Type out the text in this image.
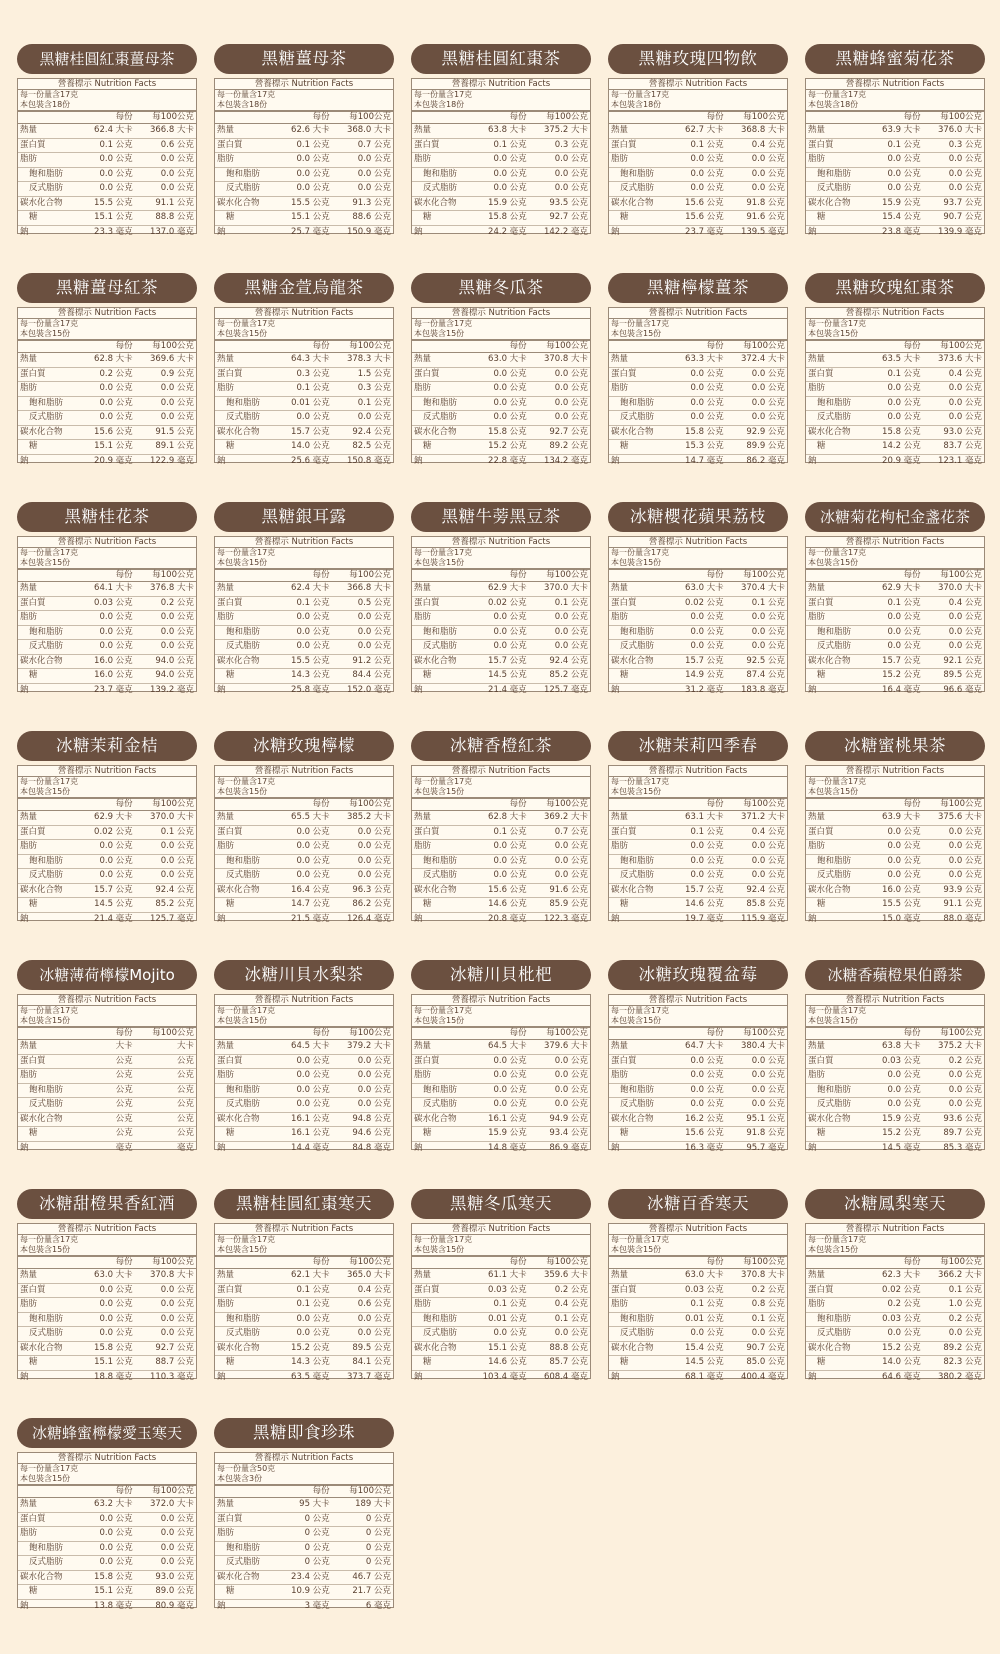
黑糖桂圓紅棗薑母茶
營養標示 Nutrition Facts
每一份量含17克
本包裝含18份
每份	每100公克
熱量	62.4 大卡	366.8 大卡
蛋白質	0.1 公克	0.6 公克
脂肪	0.0 公克	0.0 公克
飽和脂肪	0.0 公克	0.0 公克
反式脂肪	0.0 公克	0.0 公克
碳水化合物	15.5 公克	91.1 公克
糖	15.1 公克	88.8 公克
鈉	23.3 毫克	137.0 毫克
黑糖薑母茶
營養標示 Nutrition Facts
每一份量含17克
本包裝含18份
每份	每100公克
熱量	62.6 大卡	368.0 大卡
蛋白質	0.1 公克	0.7 公克
脂肪	0.0 公克	0.0 公克
飽和脂肪	0.0 公克	0.0 公克
反式脂肪	0.0 公克	0.0 公克
碳水化合物	15.5 公克	91.3 公克
糖	15.1 公克	88.6 公克
鈉	25.7 毫克	150.9 毫克
黑糖桂圓紅棗茶
營養標示 Nutrition Facts
每一份量含17克
本包裝含18份
每份	每100公克
熱量	63.8 大卡	375.2 大卡
蛋白質	0.1 公克	0.3 公克
脂肪	0.0 公克	0.0 公克
飽和脂肪	0.0 公克	0.0 公克
反式脂肪	0.0 公克	0.0 公克
碳水化合物	15.9 公克	93.5 公克
糖	15.8 公克	92.7 公克
鈉	24.2 毫克	142.2 毫克
黑糖玫瑰四物飲
營養標示 Nutrition Facts
每一份量含17克
本包裝含18份
每份	每100公克
熱量	62.7 大卡	368.8 大卡
蛋白質	0.1 公克	0.4 公克
脂肪	0.0 公克	0.0 公克
飽和脂肪	0.0 公克	0.0 公克
反式脂肪	0.0 公克	0.0 公克
碳水化合物	15.6 公克	91.8 公克
糖	15.6 公克	91.6 公克
鈉	23.7 毫克	139.5 毫克
黑糖蜂蜜菊花茶
營養標示 Nutrition Facts
每一份量含17克
本包裝含18份
每份	每100公克
熱量	63.9 大卡	376.0 大卡
蛋白質	0.1 公克	0.3 公克
脂肪	0.0 公克	0.0 公克
飽和脂肪	0.0 公克	0.0 公克
反式脂肪	0.0 公克	0.0 公克
碳水化合物	15.9 公克	93.7 公克
糖	15.4 公克	90.7 公克
鈉	23.8 毫克	139.9 毫克
黑糖薑母紅茶
營養標示 Nutrition Facts
每一份量含17克
本包裝含15份
每份	每100公克
熱量	62.8 大卡	369.6 大卡
蛋白質	0.2 公克	0.9 公克
脂肪	0.0 公克	0.0 公克
飽和脂肪	0.0 公克	0.0 公克
反式脂肪	0.0 公克	0.0 公克
碳水化合物	15.6 公克	91.5 公克
糖	15.1 公克	89.1 公克
鈉	20.9 毫克	122.9 毫克
黑糖金萱烏龍茶
營養標示 Nutrition Facts
每一份量含17克
本包裝含15份
每份	每100公克
熱量	64.3 大卡	378.3 大卡
蛋白質	0.3 公克	1.5 公克
脂肪	0.1 公克	0.3 公克
飽和脂肪	0.01 公克	0.1 公克
反式脂肪	0.0 公克	0.0 公克
碳水化合物	15.7 公克	92.4 公克
糖	14.0 公克	82.5 公克
鈉	25.6 毫克	150.8 毫克
黑糖冬瓜茶
營養標示 Nutrition Facts
每一份量含17克
本包裝含15份
每份	每100公克
熱量	63.0 大卡	370.8 大卡
蛋白質	0.0 公克	0.0 公克
脂肪	0.0 公克	0.0 公克
飽和脂肪	0.0 公克	0.0 公克
反式脂肪	0.0 公克	0.0 公克
碳水化合物	15.8 公克	92.7 公克
糖	15.2 公克	89.2 公克
鈉	22.8 毫克	134.2 毫克
黑糖檸檬薑茶
營養標示 Nutrition Facts
每一份量含17克
本包裝含15份
每份	每100公克
熱量	63.3 大卡	372.4 大卡
蛋白質	0.0 公克	0.0 公克
脂肪	0.0 公克	0.0 公克
飽和脂肪	0.0 公克	0.0 公克
反式脂肪	0.0 公克	0.0 公克
碳水化合物	15.8 公克	92.9 公克
糖	15.3 公克	89.9 公克
鈉	14.7 毫克	86.2 毫克
黑糖玫瑰紅棗茶
營養標示 Nutrition Facts
每一份量含17克
本包裝含15份
每份	每100公克
熱量	63.5 大卡	373.6 大卡
蛋白質	0.1 公克	0.4 公克
脂肪	0.0 公克	0.0 公克
飽和脂肪	0.0 公克	0.0 公克
反式脂肪	0.0 公克	0.0 公克
碳水化合物	15.8 公克	93.0 公克
糖	14.2 公克	83.7 公克
鈉	20.9 毫克	123.1 毫克
黑糖桂花茶
營養標示 Nutrition Facts
每一份量含17克
本包裝含15份
每份	每100公克
熱量	64.1 大卡	376.8 大卡
蛋白質	0.03 公克	0.2 公克
脂肪	0.0 公克	0.0 公克
飽和脂肪	0.0 公克	0.0 公克
反式脂肪	0.0 公克	0.0 公克
碳水化合物	16.0 公克	94.0 公克
糖	16.0 公克	94.0 公克
鈉	23.7 毫克	139.2 毫克
黑糖銀耳露
營養標示 Nutrition Facts
每一份量含17克
本包裝含15份
每份	每100公克
熱量	62.4 大卡	366.8 大卡
蛋白質	0.1 公克	0.5 公克
脂肪	0.0 公克	0.0 公克
飽和脂肪	0.0 公克	0.0 公克
反式脂肪	0.0 公克	0.0 公克
碳水化合物	15.5 公克	91.2 公克
糖	14.3 公克	84.4 公克
鈉	25.8 毫克	152.0 毫克
黑糖牛蒡黑豆茶
營養標示 Nutrition Facts
每一份量含17克
本包裝含15份
每份	每100公克
熱量	62.9 大卡	370.0 大卡
蛋白質	0.02 公克	0.1 公克
脂肪	0.0 公克	0.0 公克
飽和脂肪	0.0 公克	0.0 公克
反式脂肪	0.0 公克	0.0 公克
碳水化合物	15.7 公克	92.4 公克
糖	14.5 公克	85.2 公克
鈉	21.4 毫克	125.7 毫克
冰糖櫻花蘋果荔枝
營養標示 Nutrition Facts
每一份量含17克
本包裝含15份
每份	每100公克
熱量	63.0 大卡	370.4 大卡
蛋白質	0.02 公克	0.1 公克
脂肪	0.0 公克	0.0 公克
飽和脂肪	0.0 公克	0.0 公克
反式脂肪	0.0 公克	0.0 公克
碳水化合物	15.7 公克	92.5 公克
糖	14.9 公克	87.4 公克
鈉	31.2 毫克	183.8 毫克
冰糖菊花枸杞金盞花茶
營養標示 Nutrition Facts
每一份量含17克
本包裝含15份
每份	每100公克
熱量	62.9 大卡	370.0 大卡
蛋白質	0.1 公克	0.4 公克
脂肪	0.0 公克	0.0 公克
飽和脂肪	0.0 公克	0.0 公克
反式脂肪	0.0 公克	0.0 公克
碳水化合物	15.7 公克	92.1 公克
糖	15.2 公克	89.5 公克
鈉	16.4 毫克	96.6 毫克
冰糖茉莉金桔
營養標示 Nutrition Facts
每一份量含17克
本包裝含15份
每份	每100公克
熱量	62.9 大卡	370.0 大卡
蛋白質	0.02 公克	0.1 公克
脂肪	0.0 公克	0.0 公克
飽和脂肪	0.0 公克	0.0 公克
反式脂肪	0.0 公克	0.0 公克
碳水化合物	15.7 公克	92.4 公克
糖	14.5 公克	85.2 公克
鈉	21.4 毫克	125.7 毫克
冰糖玫瑰檸檬
營養標示 Nutrition Facts
每一份量含17克
本包裝含15份
每份	每100公克
熱量	65.5 大卡	385.2 大卡
蛋白質	0.0 公克	0.0 公克
脂肪	0.0 公克	0.0 公克
飽和脂肪	0.0 公克	0.0 公克
反式脂肪	0.0 公克	0.0 公克
碳水化合物	16.4 公克	96.3 公克
糖	14.7 公克	86.2 公克
鈉	21.5 毫克	126.4 毫克
冰糖香橙紅茶
營養標示 Nutrition Facts
每一份量含17克
本包裝含15份
每份	每100公克
熱量	62.8 大卡	369.2 大卡
蛋白質	0.1 公克	0.7 公克
脂肪	0.0 公克	0.0 公克
飽和脂肪	0.0 公克	0.0 公克
反式脂肪	0.0 公克	0.0 公克
碳水化合物	15.6 公克	91.6 公克
糖	14.6 公克	85.9 公克
鈉	20.8 毫克	122.3 毫克
冰糖茉莉四季春
營養標示 Nutrition Facts
每一份量含17克
本包裝含15份
每份	每100公克
熱量	63.1 大卡	371.2 大卡
蛋白質	0.1 公克	0.4 公克
脂肪	0.0 公克	0.0 公克
飽和脂肪	0.0 公克	0.0 公克
反式脂肪	0.0 公克	0.0 公克
碳水化合物	15.7 公克	92.4 公克
糖	14.6 公克	85.8 公克
鈉	19.7 毫克	115.9 毫克
冰糖蜜桃果茶
營養標示 Nutrition Facts
每一份量含17克
本包裝含15份
每份	每100公克
熱量	63.9 大卡	375.6 大卡
蛋白質	0.0 公克	0.0 公克
脂肪	0.0 公克	0.0 公克
飽和脂肪	0.0 公克	0.0 公克
反式脂肪	0.0 公克	0.0 公克
碳水化合物	16.0 公克	93.9 公克
糖	15.5 公克	91.1 公克
鈉	15.0 毫克	88.0 毫克
冰糖薄荷檸檬Mojito
營養標示 Nutrition Facts
每一份量含17克
本包裝含15份
每份	每100公克
熱量	大卡	大卡
蛋白質	公克	公克
脂肪	公克	公克
飽和脂肪	公克	公克
反式脂肪	公克	公克
碳水化合物	公克	公克
糖	公克	公克
鈉	毫克	毫克
冰糖川貝水梨茶
營養標示 Nutrition Facts
每一份量含17克
本包裝含15份
每份	每100公克
熱量	64.5 大卡	379.2 大卡
蛋白質	0.0 公克	0.0 公克
脂肪	0.0 公克	0.0 公克
飽和脂肪	0.0 公克	0.0 公克
反式脂肪	0.0 公克	0.0 公克
碳水化合物	16.1 公克	94.8 公克
糖	16.1 公克	94.6 公克
鈉	14.4 毫克	84.8 毫克
冰糖川貝枇杷
營養標示 Nutrition Facts
每一份量含17克
本包裝含15份
每份	每100公克
熱量	64.5 大卡	379.6 大卡
蛋白質	0.0 公克	0.0 公克
脂肪	0.0 公克	0.0 公克
飽和脂肪	0.0 公克	0.0 公克
反式脂肪	0.0 公克	0.0 公克
碳水化合物	16.1 公克	94.9 公克
糖	15.9 公克	93.4 公克
鈉	14.8 毫克	86.9 毫克
冰糖玫瑰覆盆莓
營養標示 Nutrition Facts
每一份量含17克
本包裝含15份
每份	每100公克
熱量	64.7 大卡	380.4 大卡
蛋白質	0.0 公克	0.0 公克
脂肪	0.0 公克	0.0 公克
飽和脂肪	0.0 公克	0.0 公克
反式脂肪	0.0 公克	0.0 公克
碳水化合物	16.2 公克	95.1 公克
糖	15.6 公克	91.8 公克
鈉	16.3 毫克	95.7 毫克
冰糖香蘋橙果伯爵茶
營養標示 Nutrition Facts
每一份量含17克
本包裝含15份
每份	每100公克
熱量	63.8 大卡	375.2 大卡
蛋白質	0.03 公克	0.2 公克
脂肪	0.0 公克	0.0 公克
飽和脂肪	0.0 公克	0.0 公克
反式脂肪	0.0 公克	0.0 公克
碳水化合物	15.9 公克	93.6 公克
糖	15.2 公克	89.7 公克
鈉	14.5 毫克	85.3 毫克
冰糖甜橙果香紅酒
營養標示 Nutrition Facts
每一份量含17克
本包裝含15份
每份	每100公克
熱量	63.0 大卡	370.8 大卡
蛋白質	0.0 公克	0.0 公克
脂肪	0.0 公克	0.0 公克
飽和脂肪	0.0 公克	0.0 公克
反式脂肪	0.0 公克	0.0 公克
碳水化合物	15.8 公克	92.7 公克
糖	15.1 公克	88.7 公克
鈉	18.8 毫克	110.3 毫克
黑糖桂圓紅棗寒天
營養標示 Nutrition Facts
每一份量含17克
本包裝含15份
每份	每100公克
熱量	62.1 大卡	365.0 大卡
蛋白質	0.1 公克	0.4 公克
脂肪	0.1 公克	0.6 公克
飽和脂肪	0.0 公克	0.0 公克
反式脂肪	0.0 公克	0.0 公克
碳水化合物	15.2 公克	89.5 公克
糖	14.3 公克	84.1 公克
鈉	63.5 毫克	373.7 毫克
黑糖冬瓜寒天
營養標示 Nutrition Facts
每一份量含17克
本包裝含15份
每份	每100公克
熱量	61.1 大卡	359.6 大卡
蛋白質	0.03 公克	0.2 公克
脂肪	0.1 公克	0.4 公克
飽和脂肪	0.01 公克	0.1 公克
反式脂肪	0.0 公克	0.0 公克
碳水化合物	15.1 公克	88.8 公克
糖	14.6 公克	85.7 公克
鈉	103.4 毫克	608.4 毫克
冰糖百香寒天
營養標示 Nutrition Facts
每一份量含17克
本包裝含15份
每份	每100公克
熱量	63.0 大卡	370.8 大卡
蛋白質	0.03 公克	0.2 公克
脂肪	0.1 公克	0.8 公克
飽和脂肪	0.01 公克	0.1 公克
反式脂肪	0.0 公克	0.0 公克
碳水化合物	15.4 公克	90.7 公克
糖	14.5 公克	85.0 公克
鈉	68.1 毫克	400.4 毫克
冰糖鳳梨寒天
營養標示 Nutrition Facts
每一份量含17克
本包裝含15份
每份	每100公克
熱量	62.3 大卡	366.2 大卡
蛋白質	0.02 公克	0.1 公克
脂肪	0.2 公克	1.0 公克
飽和脂肪	0.03 公克	0.2 公克
反式脂肪	0.0 公克	0.0 公克
碳水化合物	15.2 公克	89.2 公克
糖	14.0 公克	82.3 公克
鈉	64.6 毫克	380.2 毫克
冰糖蜂蜜檸檬愛玉寒天
營養標示 Nutrition Facts
每一份量含17克
本包裝含15份
每份	每100公克
熱量	63.2 大卡	372.0 大卡
蛋白質	0.0 公克	0.0 公克
脂肪	0.0 公克	0.0 公克
飽和脂肪	0.0 公克	0.0 公克
反式脂肪	0.0 公克	0.0 公克
碳水化合物	15.8 公克	93.0 公克
糖	15.1 公克	89.0 公克
鈉	13.8 毫克	80.9 毫克
黑糖即食珍珠
營養標示 Nutrition Facts
每一份量含50克
本包裝含3份
每份	每100公克
熱量	95 大卡	189 大卡
蛋白質	0 公克	0 公克
脂肪	0 公克	0 公克
飽和脂肪	0 公克	0 公克
反式脂肪	0 公克	0 公克
碳水化合物	23.4 公克	46.7 公克
糖	10.9 公克	21.7 公克
鈉	3 毫克	6 毫克
